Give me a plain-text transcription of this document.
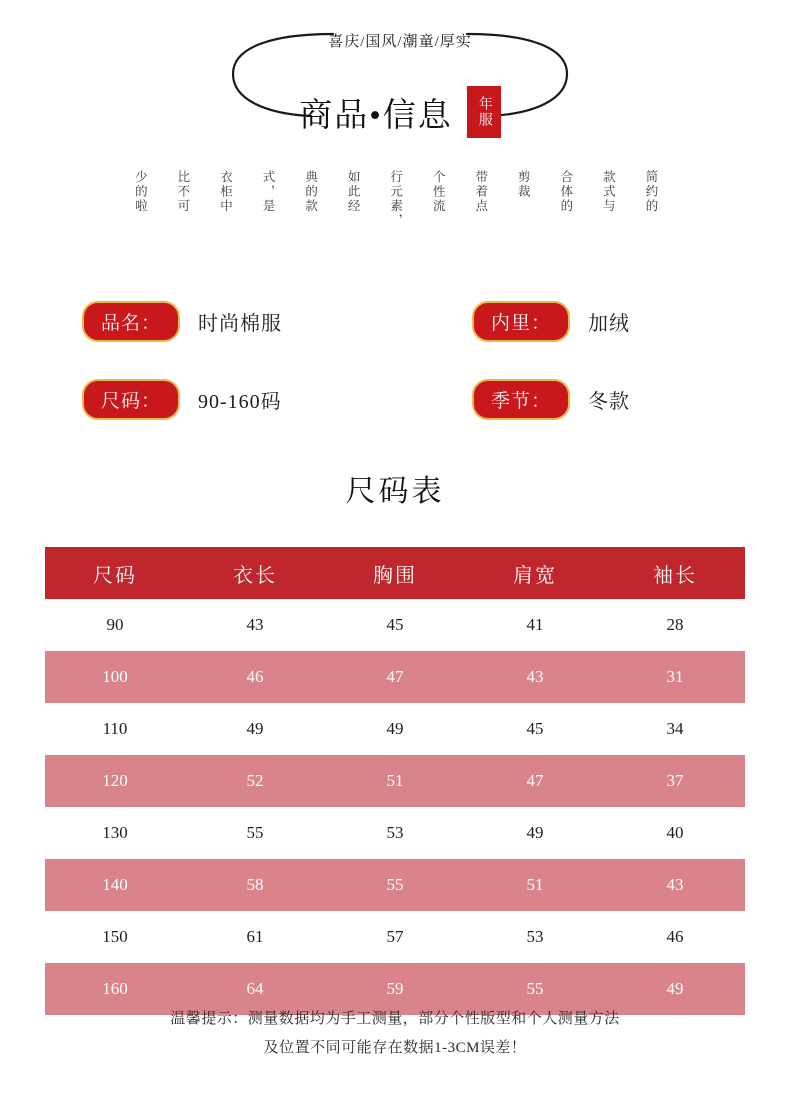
喜庆/国风/潮童/厚实
商品•信息	年服
简约的
款式与
合体的
剪裁
带着点
个性流
行元素，
如此经
典的款
式，是
衣柜中
比不可
少的啦
品名：	时尚棉服	内里：	加绒
尺码：	90-160码	季节：	冬款
尺码表
尺码	衣长	胸围	肩宽	袖长
90	43	45	41	28
100	46	47	43	31
110	49	49	45	34
120	52	51	47	37
130	55	53	49	40
140	58	55	51	43
150	61	57	53	46
160	64	59	55	49
温馨提示：测量数据均为手工测量，部分个性版型和个人测量方法
及位置不同可能存在数据1-3CM误差！
